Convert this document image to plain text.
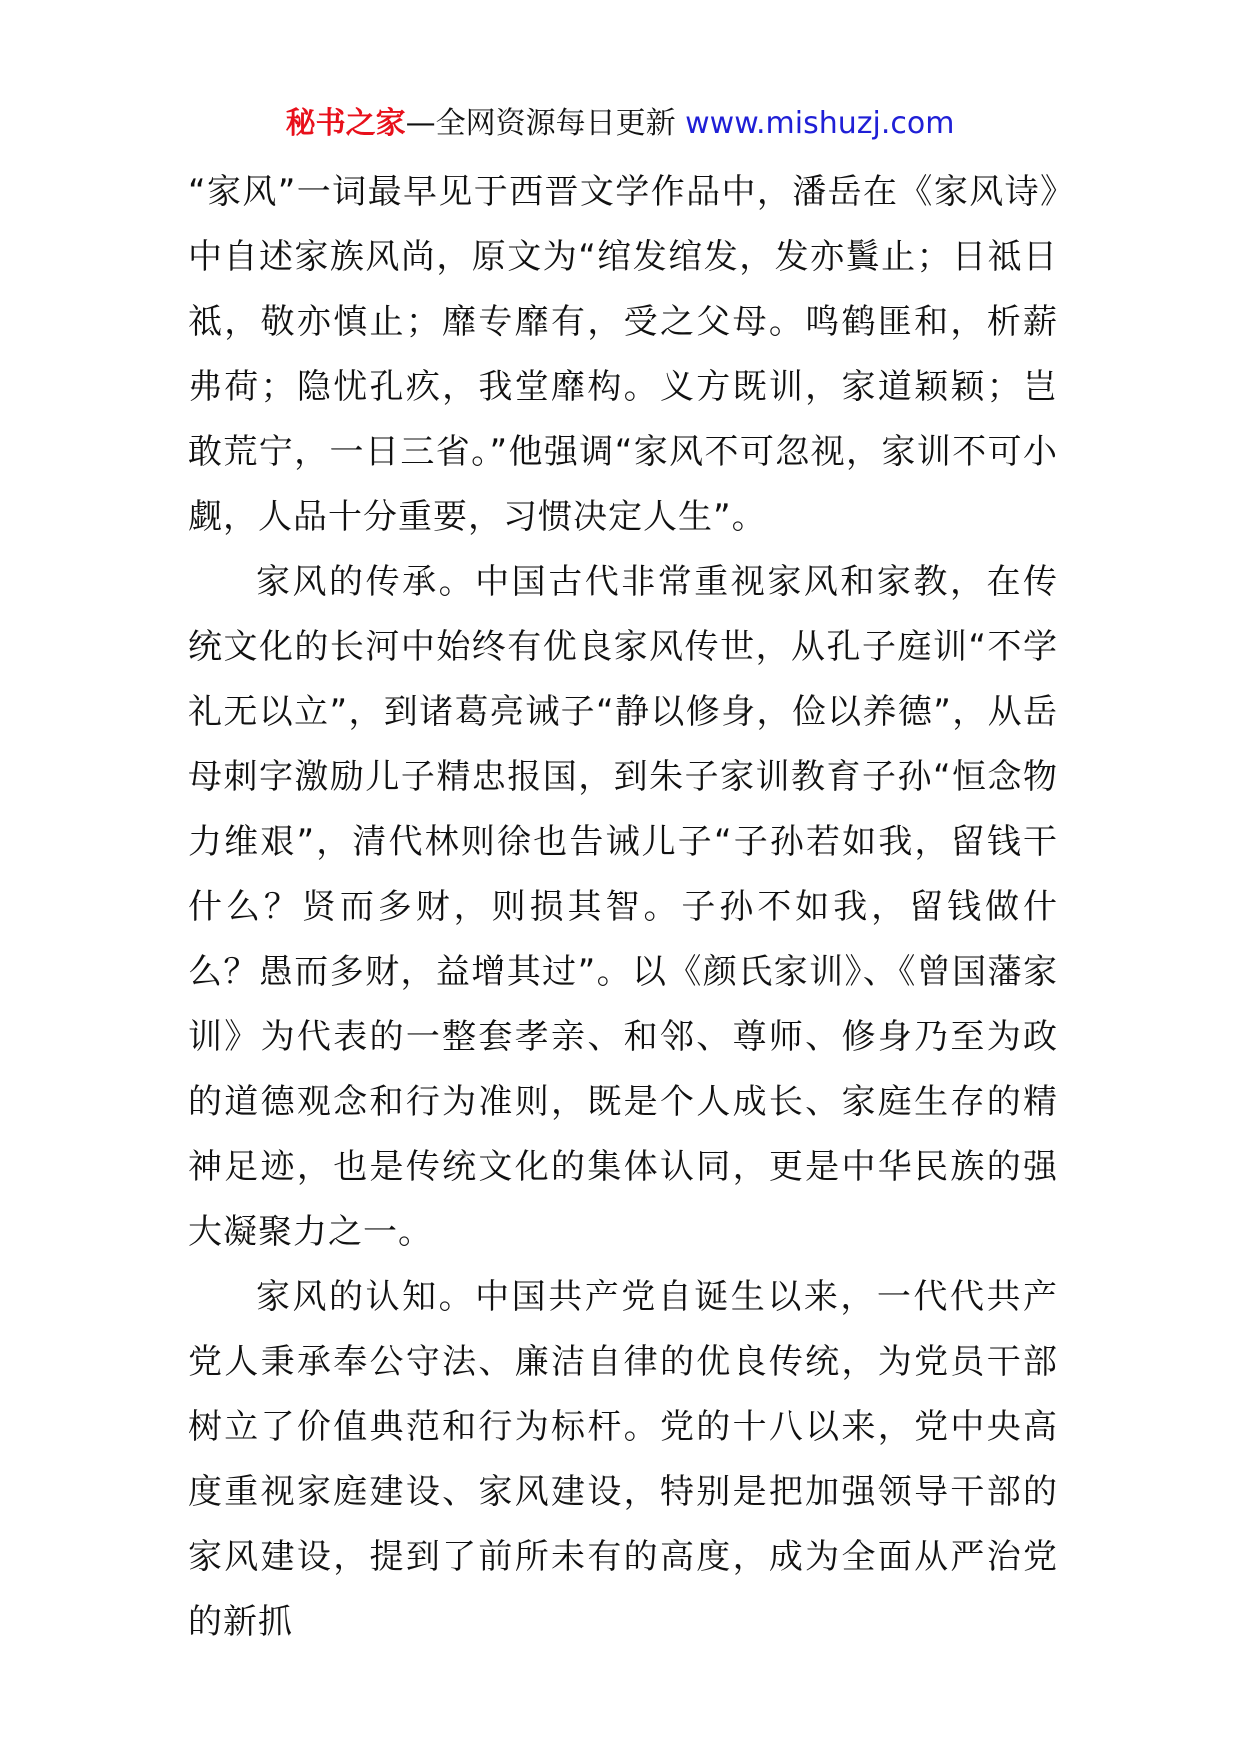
秘书之家—全网资源每日更新 www.mishuzj.com

“家风”一词最早见于西晋文学作品中，潘岳在《家风诗》中自述家族风尚，原文为“绾发绾发，发亦鬒止；日祗日祗，敬亦慎止；靡专靡有，受之父母。鸣鹤匪和，析薪弗荷；隐忧孔疚，我堂靡构。义方既训，家道颖颖；岂敢荒宁，一日三省。”他强调“家风不可忽视，家训不可小觑，人品十分重要，习惯决定人生”。

家风的传承。中国古代非常重视家风和家教，在传统文化的长河中始终有优良家风传世，从孔子庭训“不学礼无以立”，到诸葛亮诫子“静以修身，俭以养德”，从岳母刺字激励儿子精忠报国，到朱子家训教育子孙“恒念物力维艰”，清代林则徐也告诫儿子“子孙若如我，留钱干什么？贤而多财，则损其智。子孙不如我，留钱做什么？愚而多财，益增其过”。以《颜氏家训》、《曾国藩家训》为代表的一整套孝亲、和邻、尊师、修身乃至为政的道德观念和行为准则，既是个人成长、家庭生存的精神足迹，也是传统文化的集体认同，更是中华民族的强大凝聚力之一。

家风的认知。中国共产党自诞生以来，一代代共产党人秉承奉公守法、廉洁自律的优良传统，为党员干部树立了价值典范和行为标杆。党的十八以来，党中央高度重视家庭建设、家风建设，特别是把加强领导干部的家风建设，提到了前所未有的高度，成为全面从严治党的新抓
